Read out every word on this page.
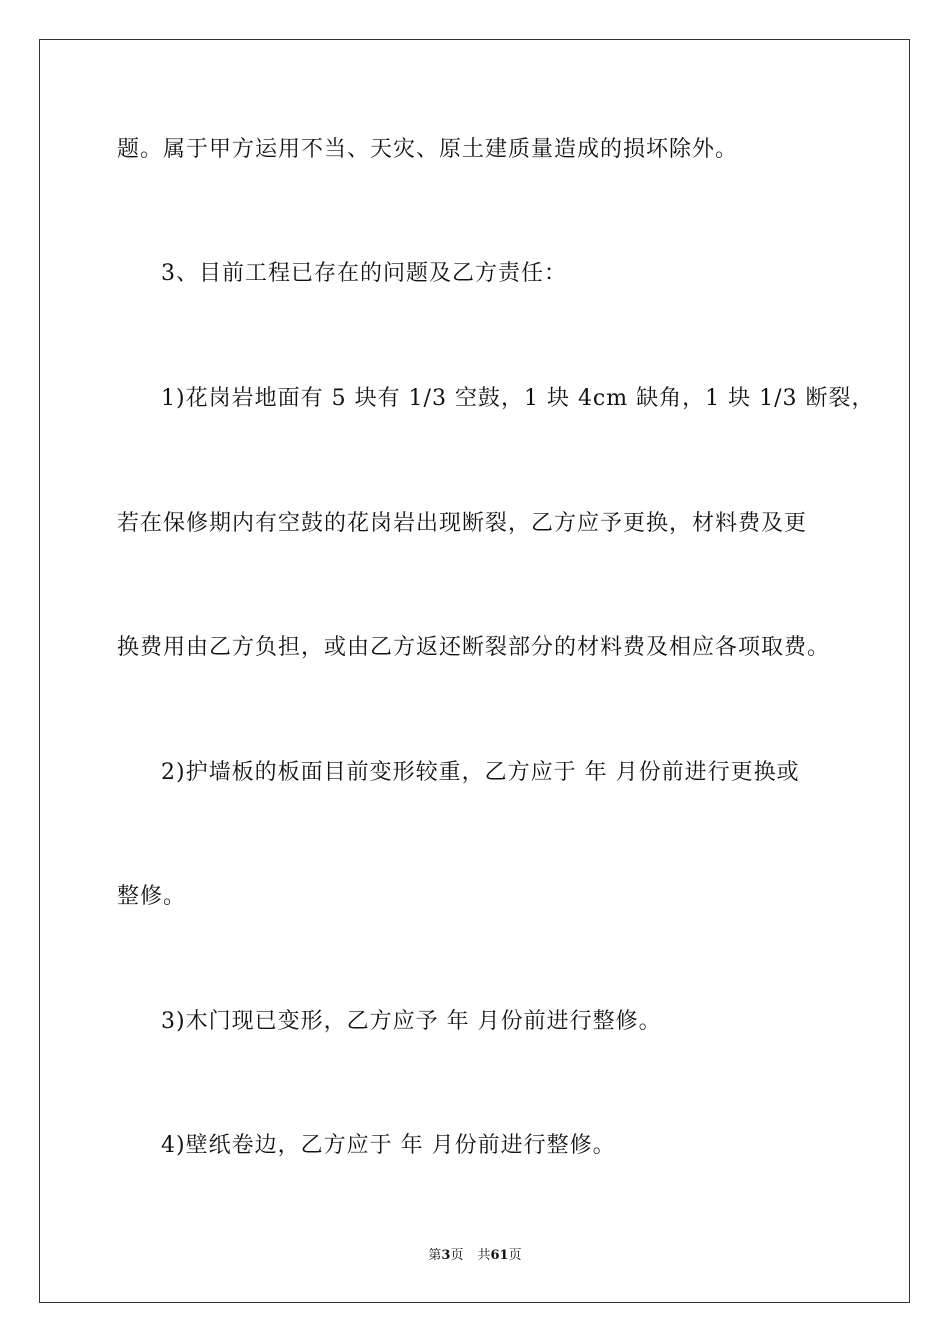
题。属于甲方运用不当、天灾、原土建质量造成的损坏除外。
3、目前工程已存在的问题及乙方责任：
1)花岗岩地面有 5 块有 1/3 空鼓，1 块 4cm 缺角，1 块 1/3 断裂，
若在保修期内有空鼓的花岗岩出现断裂，乙方应予更换，材料费及更
换费用由乙方负担，或由乙方返还断裂部分的材料费及相应各项取费。
2)护墙板的板面目前变形较重，乙方应于 年 月份前进行更换或
整修。
3)木门现已变形，乙方应予 年 月份前进行整修。
4)壁纸卷边，乙方应于 年 月份前进行整修。
第3页 共61页
